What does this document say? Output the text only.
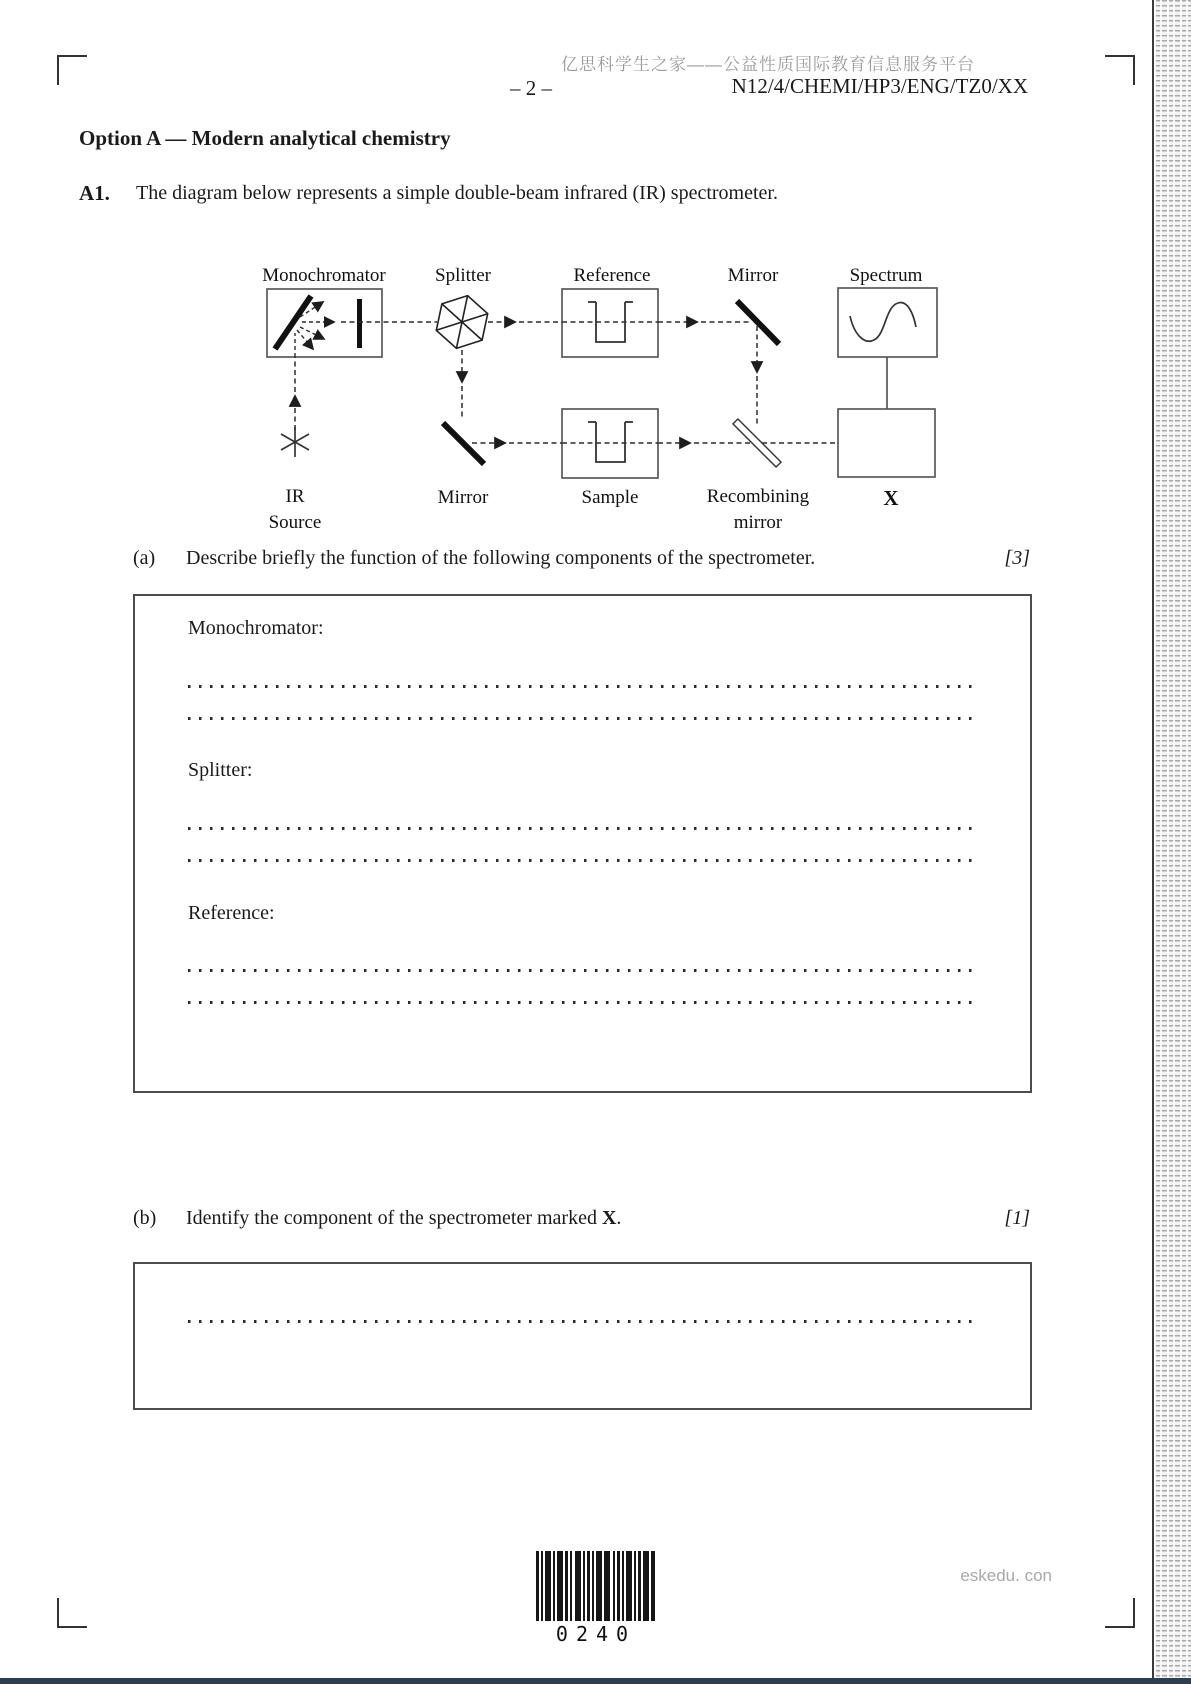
亿思科学生之家——公益性质国际教育信息服务平台
– 2 –	N12/4/CHEMI/HP3/ENG/TZ0/XX
Option A — Modern analytical chemistry
A1. The diagram below represents a simple double-beam infrared (IR) spectrometer.
Monochromator	Splitter	Reference	Mirror	Spectrum
IR
Source
Mirror	Sample	Recombining
mirror
X
(a) Describe briefly the function of the following components of the spectrometer.	[3]
Monochromator:
Splitter:
Reference:
(b) Identify the component of the spectrometer marked X.	[1]
0240
eskedu. con
